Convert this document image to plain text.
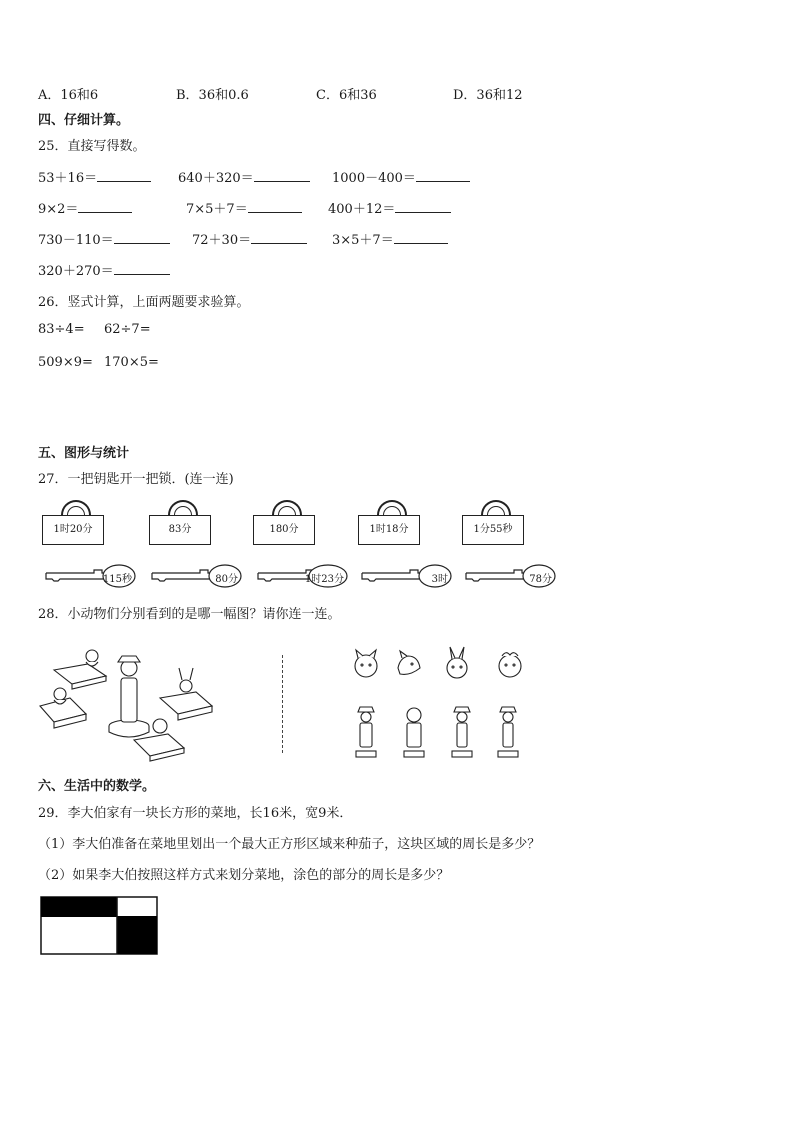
A．16和6	B．36和0.6	C．6和36	D．36和12
四、仔细计算。
25．直接写得数。
53＋16＝	640＋320＝	1000－400＝
9×2＝	7×5＋7＝	400＋12＝
730－110＝	72＋30＝	3×5＋7＝
320＋270＝
26．竖式计算，上面两题要求验算。
83÷4= 62÷7=
509×9= 170×5=
五、图形与统计
27．一把钥匙开一把锁．(连一连)
1时20分	83分	180分	1时18分	1分55秒
115秒	80分	1时23分	3时	78分
28．小动物们分别看到的是哪一幅图？请你连一连。
六、生活中的数学。
29．李大伯家有一块长方形的菜地，长16米，宽9米．
（1）李大伯准备在菜地里划出一个最大正方形区域来种茄子，这块区域的周长是多少？
（2）如果李大伯按照这样方式来划分菜地，涂色的部分的周长是多少？
